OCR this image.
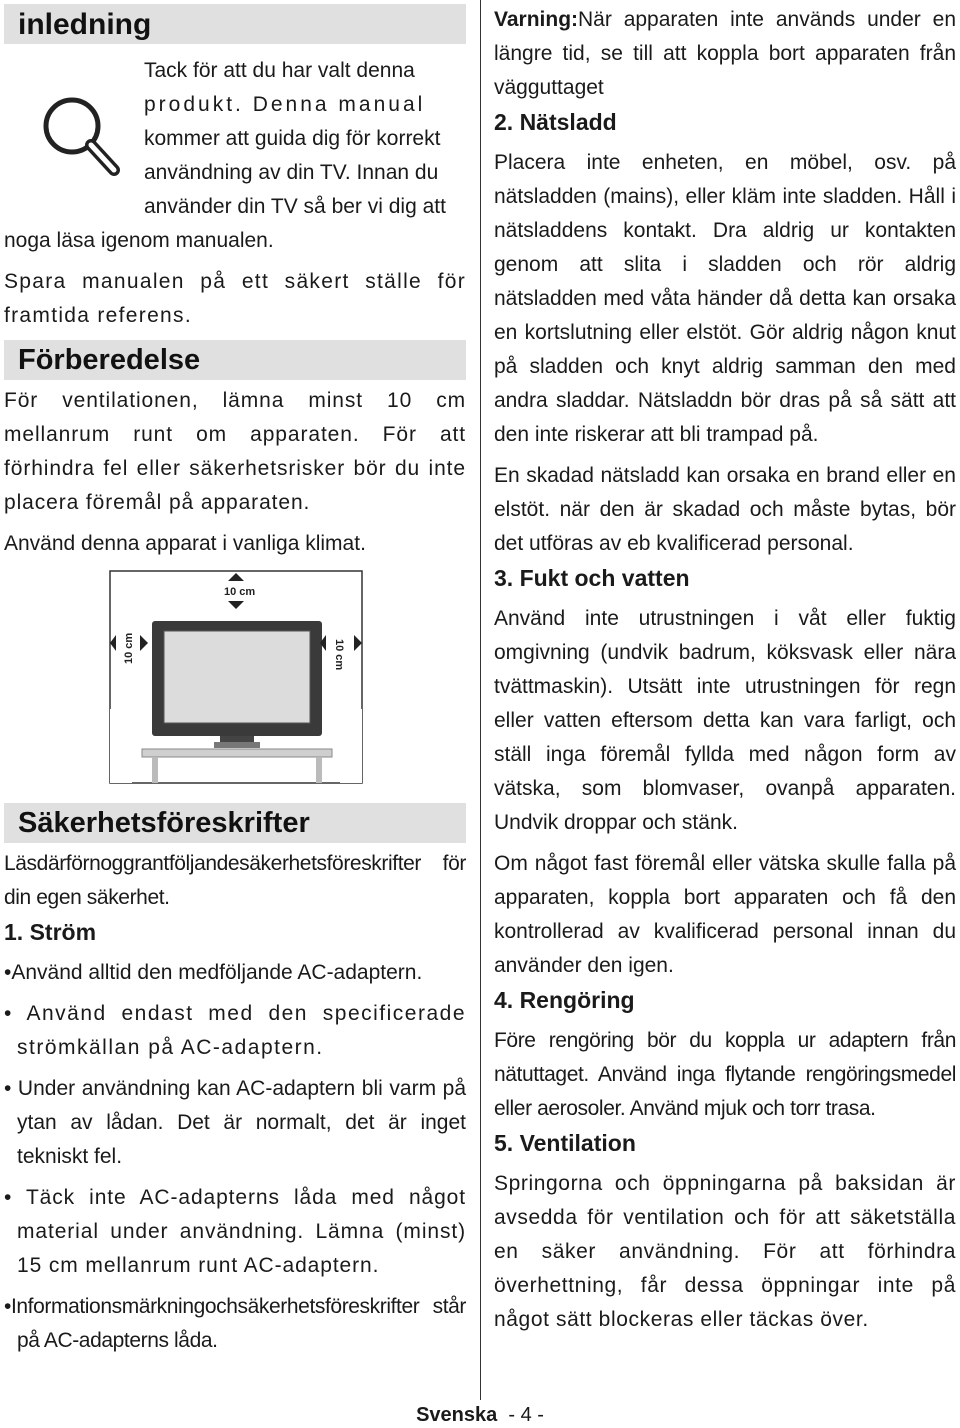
inledning

Tack för att du har valt denna

produkt. Denna manual

kommer att guida dig för korrekt

användning av din TV. Innan du

använder din TV så ber vi dig att

noga läsa igenom manualen.

Spara manualen på ett säkert ställe för framtida referens.

Förberedelse

För ventilationen, lämna minst 10 cm mellanrum runt om apparaten. För att förhindra fel eller säkerhetsrisker bör du inte placera föremål på apparaten.

Använd denna apparat i vanliga klimat.

10 cm
10 cm	10 cm
Säkerhetsföreskrifter

Läsdärförnoggrantföljandesäkerhetsföreskrifter för din egen säkerhet.

1. Ström

•Använd alltid den medföljande AC-adaptern.

• Använd endast med den specificerade strömkällan på AC-adaptern.

• Under användning kan AC-adaptern bli varm på ytan av lådan. Det är normalt, det är inget tekniskt fel.

• Täck inte AC-adapterns låda med något material under användning. Lämna (minst) 15 cm mellanrum runt AC-adaptern.

•Informationsmärkningochsäkerhetsföreskrifter står på AC-adapterns låda.

Varning:När apparaten inte används under en längre tid, se till att koppla bort apparaten från vägguttaget

2. Nätsladd

Placera inte enheten, en möbel, osv. på nätsladden (mains), eller kläm inte sladden. Håll i nätsladdens kontakt. Dra aldrig ur kontakten genom att slita i sladden och rör aldrig nätsladden med våta händer då detta kan orsaka en kortslutning eller elstöt. Gör aldrig någon knut på sladden och knyt aldrig samman den med andra sladdar. Nätsladdn bör dras på så sätt att den inte riskerar att bli trampad på.

En skadad nätsladd kan orsaka en brand eller en elstöt. när den är skadad och måste bytas, bör det utföras av eb kvalificerad personal.

3. Fukt och vatten

Använd inte utrustningen i våt eller fuktig omgivning (undvik badrum, köksvask eller nära tvättmaskin). Utsätt inte utrustningen för regn eller vatten eftersom detta kan vara farligt, och ställ inga föremål fyllda med någon form av vätska, som blomvaser, ovanpå apparaten. Undvik droppar och stänk.

Om något fast föremål eller vätska skulle falla på apparaten, koppla bort apparaten och få den kontrollerad av kvalificerad personal innan du använder den igen.

4. Rengöring

Före rengöring bör du koppla ur adaptern från nätuttaget. Använd inga flytande rengöringsmedel eller aerosoler. Använd mjuk och torr trasa.

5. Ventilation

Springorna och öppningarna på baksidan är avsedda för ventilation och för att säketställa en säker användning. För att förhindra överhettning, får dessa öppningar inte på något sätt blockeras eller täckas över.

Svenska - 4 -
